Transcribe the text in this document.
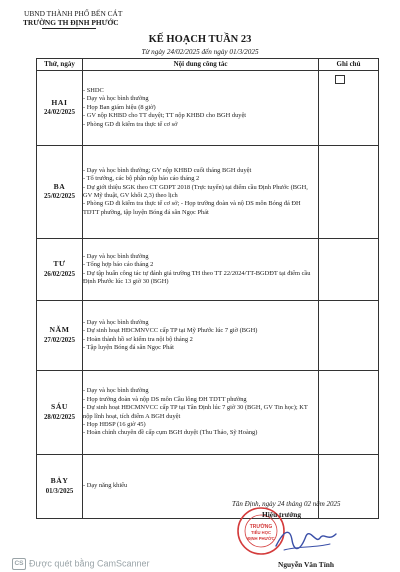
UBND THÀNH PHỐ BẾN CÁT
TRƯỜNG TH ĐỊNH PHƯỚC
KẾ HOẠCH TUẦN 23
Từ ngày 24/02/2025 đến ngày 01/3/2025
Thứ, ngày	Nội dung công tác	Ghi chú

HAI
24/02/2025	- SHDC
- Dạy và học bình thường
- Họp Ban giám hiệu (8 giờ)
- GV nộp KHBD cho TT duyệt; TT nộp KHBD cho BGH duyệt
- Phòng GD đi kiểm tra thực tế cơ sở	

BA
25/02/2025	- Dạy và học bình thường; GV nộp KHBD cuối tháng BGH duyệt
- Tổ trưởng, các bộ phận nộp báo cáo tháng 2
- Dự giới thiệu SGK theo CT GDPT 2018 (Trực tuyến) tại điểm cầu Định Phước (BGH, GV Mỹ thuật, GV khối 2,3) theo lịch
- Phòng GD đi kiểm tra thực tế cơ sở; - Họp trường đoàn và nộ DS môn Bóng đá ĐH TDTT phường, tập luyện Bóng đá sân Ngọc Phát	

TƯ
26/02/2025	- Dạy và học bình thường
- Tổng hợp báo cáo tháng 2
- Dự tập huấn công tác tự đánh giá trường TH theo TT 22/2024/TT-BGDĐT tại điểm cầu Định Phước lúc 13 giờ 30 (BGH)	

NĂM
27/02/2025	- Dạy và học bình thường
- Dự sinh hoạt HĐCMNVCC cấp TP tại Mỹ Phước lúc 7 giờ (BGH)
- Hoàn thành hồ sơ kiểm tra nội bộ tháng 2
- Tập luyện Bóng đá sân Ngọc Phát	

SÁU
28/02/2025	- Dạy và học bình thường
- Họp trường đoàn và nộp DS môn Cầu lông ĐH TDTT phường
- Dự sinh hoạt HĐCMNVCC cấp TP tại Tân Định lúc 7 giờ 30 (BGH, GV Tin học); KT nộp lĩnh hoạt, tích điểm A BGH duyệt
- Họp HĐSP (16 giờ 45)
- Hoàn chỉnh chuyên đề cấp cụm BGH duyệt (Thu Thảo, Sỹ Hoàng)	

BẢY
01/3/2025	- Dạy năng khiếu	

TRƯỜNG
TIỂU HỌC
ĐỊNH PHƯỚC
Tân Định, ngày 24 tháng 02 năm 2025
Hiệu trưởng
Nguyễn Văn Tính
CS Được quét bằng CamScanner
